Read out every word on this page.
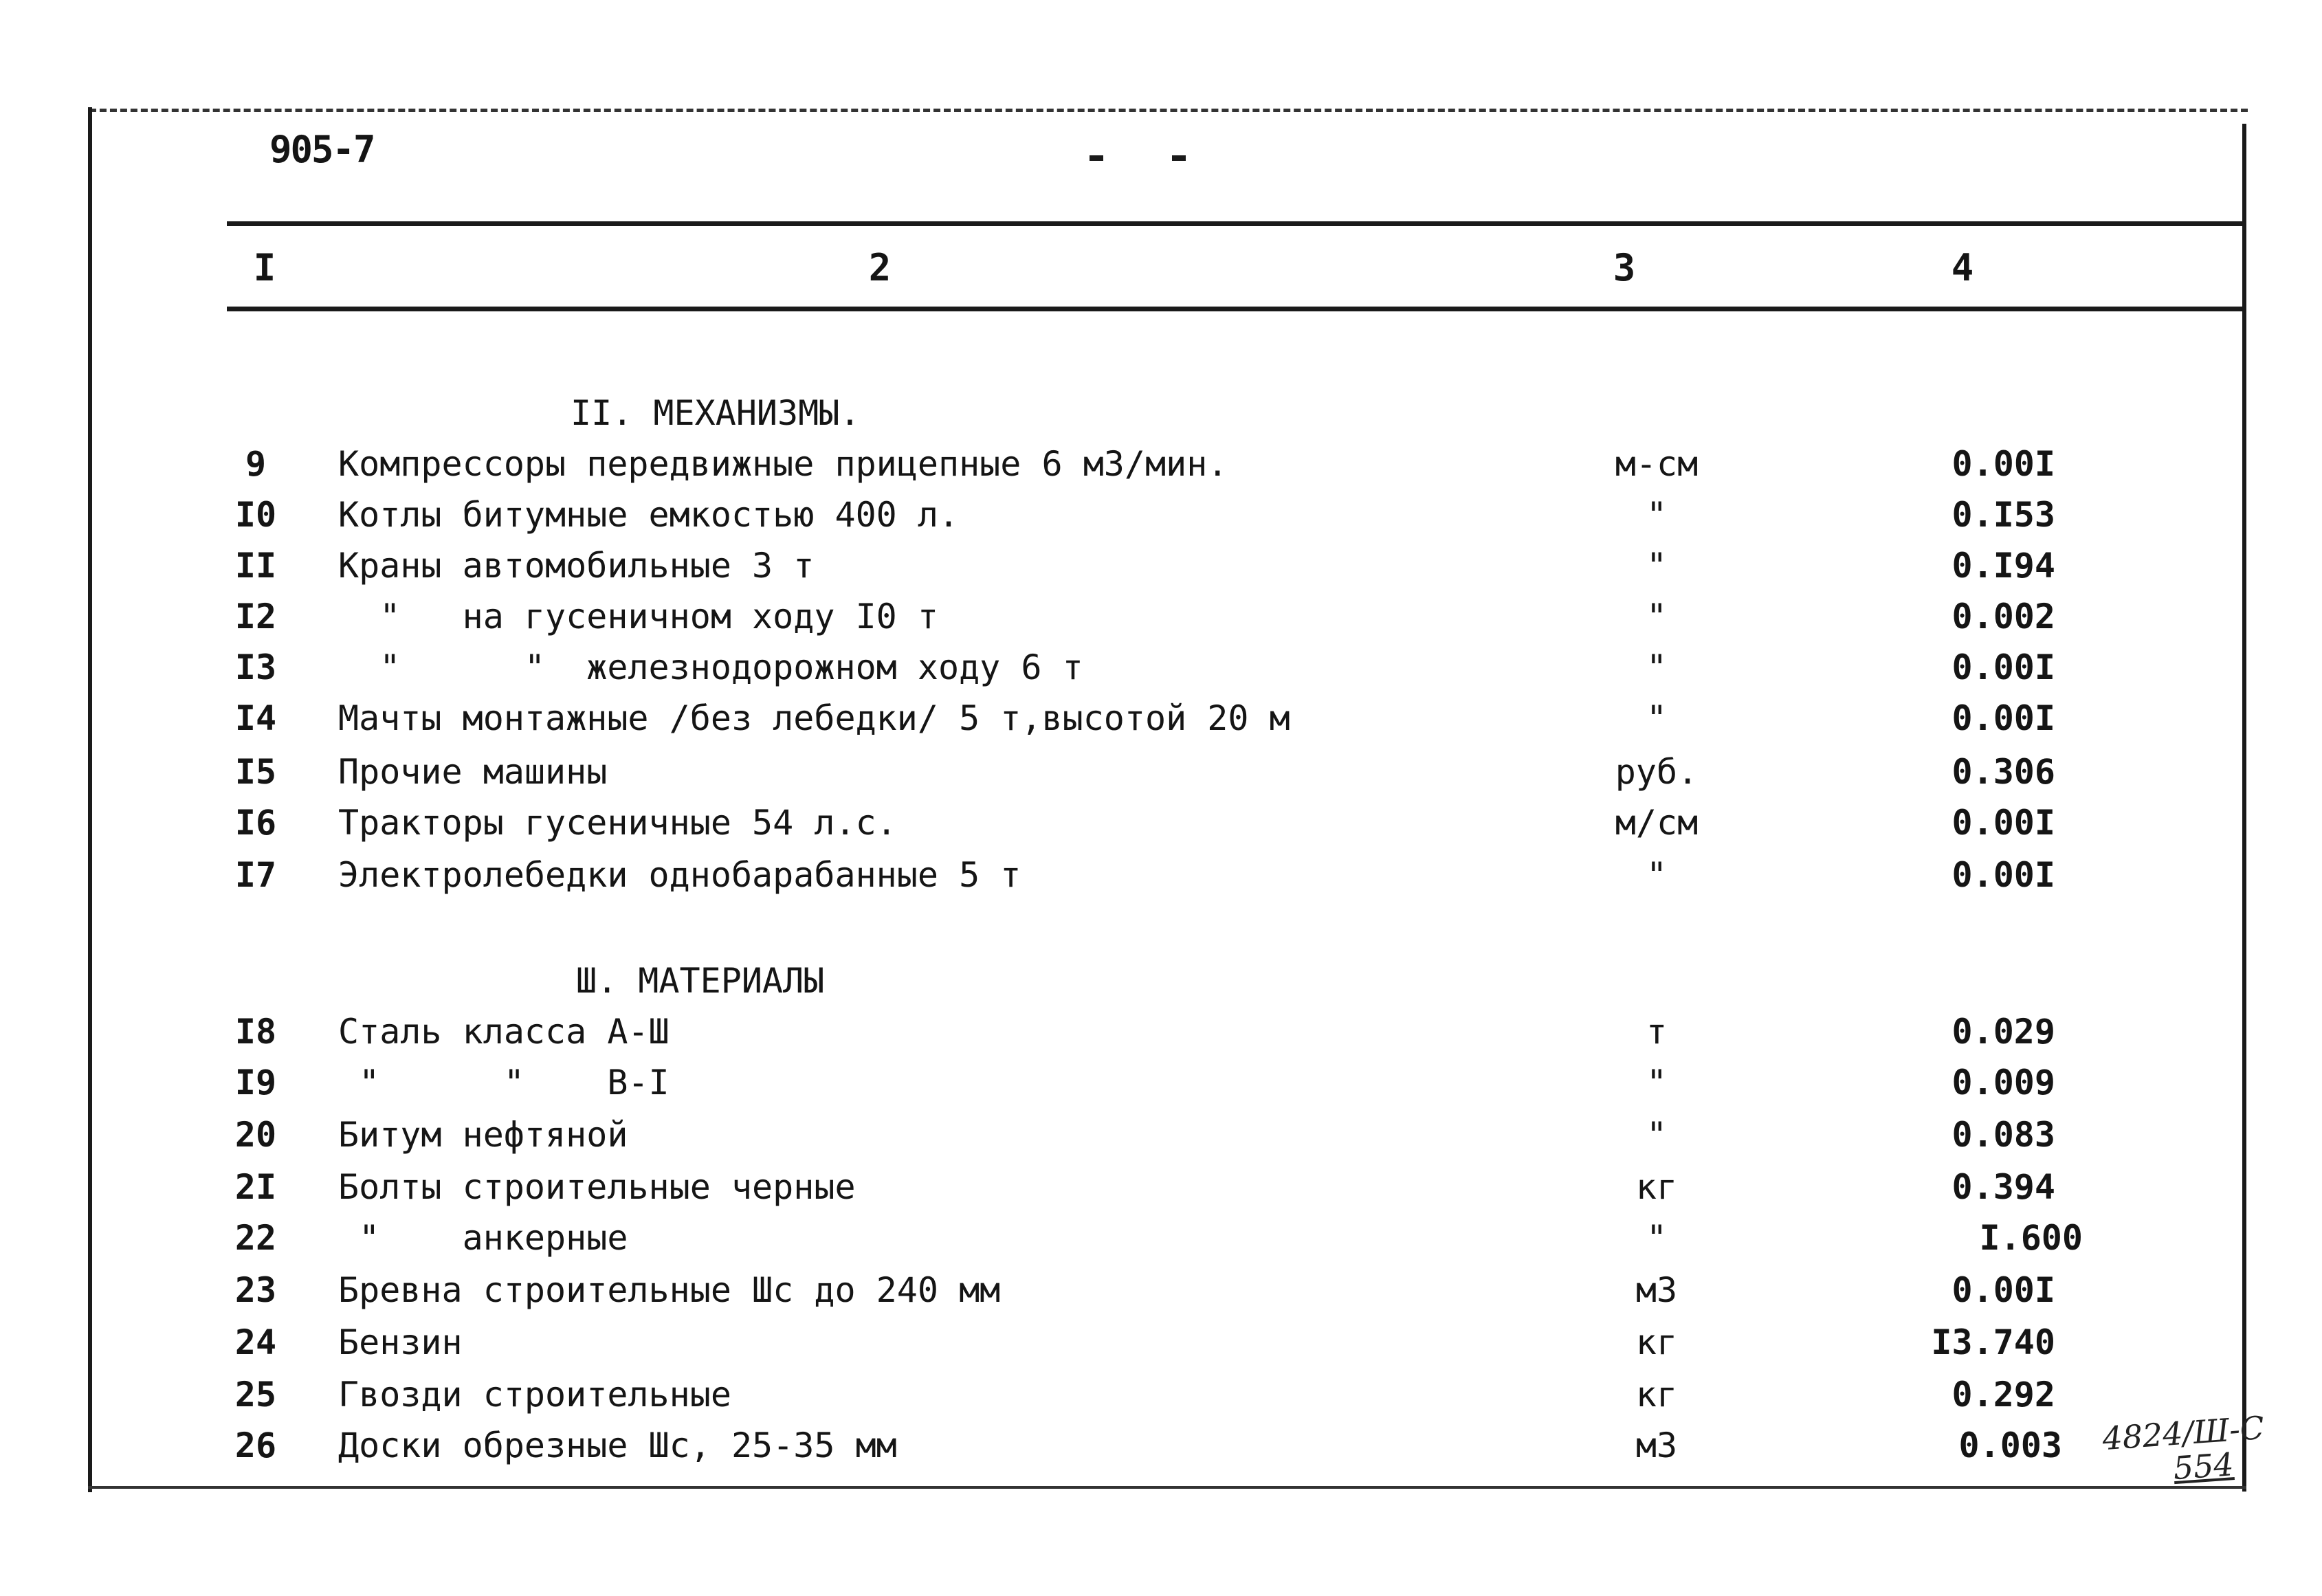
905-7
I	2	3	4
II. МЕХАНИЗМЫ.
9	Компрессоры передвижные прицепные 6 м3/мин.	м-см	0.00I
I0	Котлы битумные емкостью 400 л.	"	0.I53
II	Краны автомобильные 3 т	"	0.I94
I2	"   на гусеничном ходу I0 т	"	0.002
I3	"      "  железнодорожном ходу 6 т	"	0.00I
I4	Мачты монтажные /без лебедки/ 5 т,высотой 20 м	"	0.00I
I5	Прочие машины	руб.	0.306
I6	Тракторы гусеничные 54 л.с.	м/см	0.00I
I7	Электролебедки однобарабанные 5 т	"	0.00I
Ш. МАТЕРИАЛЫ
I8	Сталь класса А-Ш	т	0.029
I9	"      "    В-I	"	0.009
20	Битум нефтяной	"	0.083
2I	Болты строительные черные	кг	0.394
22	"    анкерные	"	I.600
23	Бревна строительные Шс до 240 мм	м3	0.00I
24	Бензин	кг	I3.740
25	Гвозди строительные	кг	0.292
26	Доски обрезные Шс, 25-35 мм	м3	0.003 4824/Ш-С
554
